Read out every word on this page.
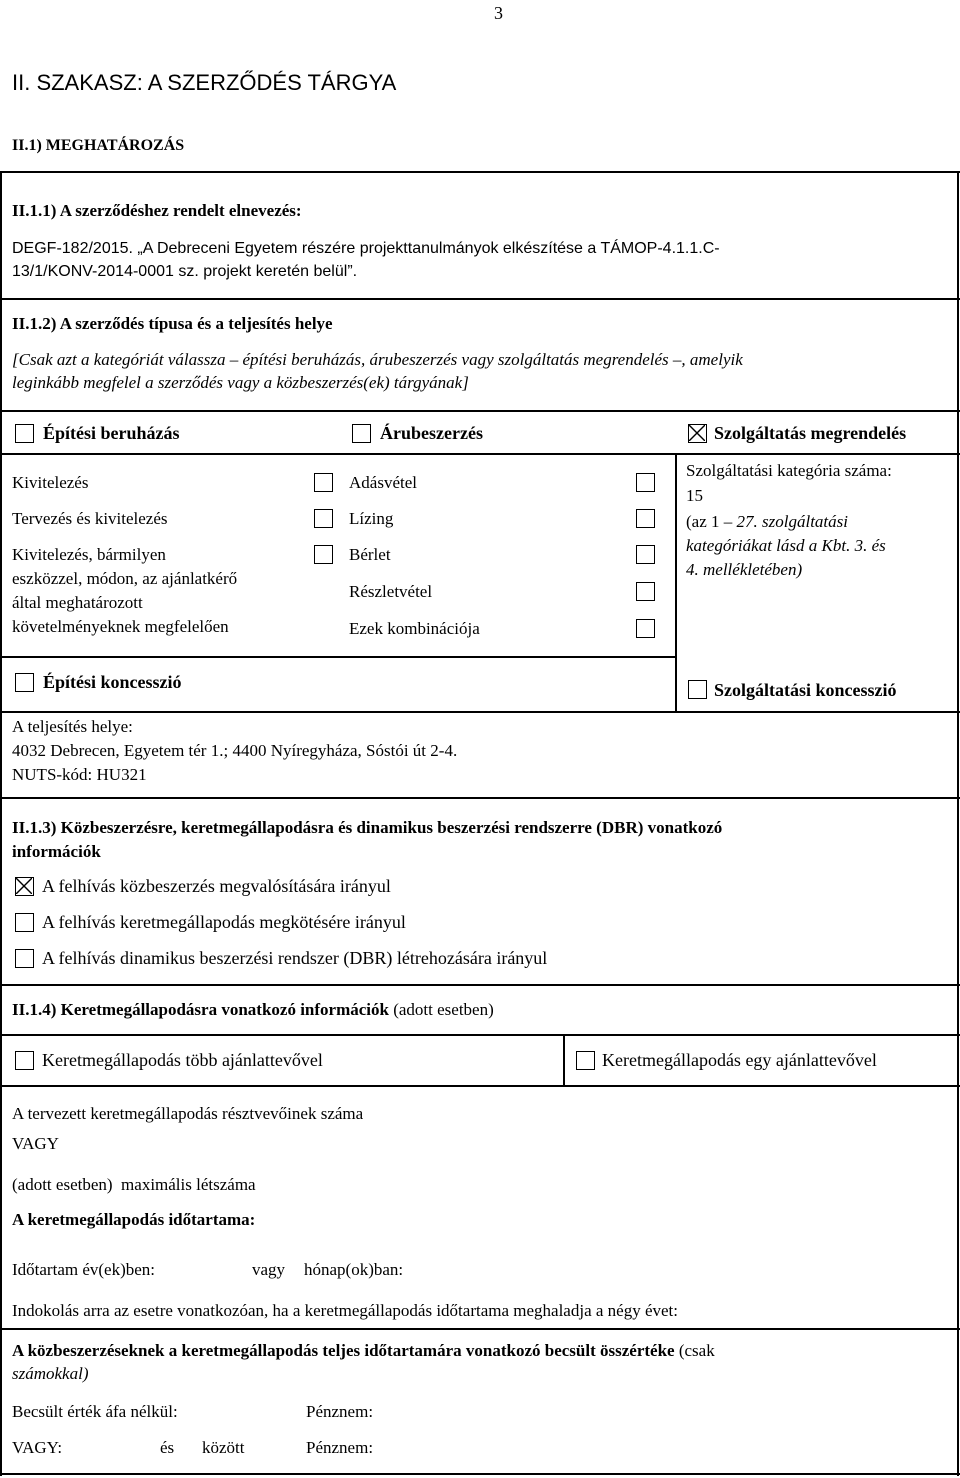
3
II. SZAKASZ: A SZERZŐDÉS TÁRGYA
II.1) MEGHATÁROZÁS
II.1.1) A szerződéshez rendelt elnevezés:
DEGF-182/2015. „A Debreceni Egyetem részére projekttanulmányok elkészítése a TÁMOP-4.1.1.C-
13/1/KONV-2014-0001 sz. projekt keretén belül”.
II.1.2) A szerződés típusa és a teljesítés helye
[Csak azt a kategóriát válassza – építési beruházás, árubeszerzés vagy szolgáltatás megrendelés –, amelyik
leginkább megfelel a szerződés vagy a közbeszerzés(ek) tárgyának]
Építési beruházás	Árubeszerzés	Szolgáltatás megrendelés
Kivitelezés
Tervezés és kivitelezés
Kivitelezés, bármilyen
eszközzel, módon, az ajánlatkérő
által meghatározott
követelményeknek megfelelően
Adásvétel
Lízing
Bérlet
Részletvétel
Ezek kombinációja
Szolgáltatási kategória száma:
15
(az 1 – 27. szolgáltatási
kategóriákat lásd a Kbt. 3. és
4. mellékletében)
Építési koncesszió	Szolgáltatási koncesszió
A teljesítés helye:
4032 Debrecen, Egyetem tér 1.; 4400 Nyíregyháza, Sóstói út 2-4.
NUTS-kód: HU321
II.1.3) Közbeszerzésre, keretmegállapodásra és dinamikus beszerzési rendszerre (DBR) vonatkozó
információk
A felhívás közbeszerzés megvalósítására irányul
A felhívás keretmegállapodás megkötésére irányul
A felhívás dinamikus beszerzési rendszer (DBR) létrehozására irányul
II.1.4) Keretmegállapodásra vonatkozó információk (adott esetben)
Keretmegállapodás több ajánlattevővel	Keretmegállapodás egy ajánlattevővel
A tervezett keretmegállapodás résztvevőinek száma
VAGY
(adott esetben) maximális létszáma
A keretmegállapodás időtartama:
Időtartam év(ek)ben:	vagy hónap(ok)ban:
Indokolás arra az esetre vonatkozóan, ha a keretmegállapodás időtartama meghaladja a négy évet:
A közbeszerzéseknek a keretmegállapodás teljes időtartamára vonatkozó becsült összértéke (csak
számokkal)
Becsült érték áfa nélkül:	Pénznem:
VAGY:	és között	Pénznem:
